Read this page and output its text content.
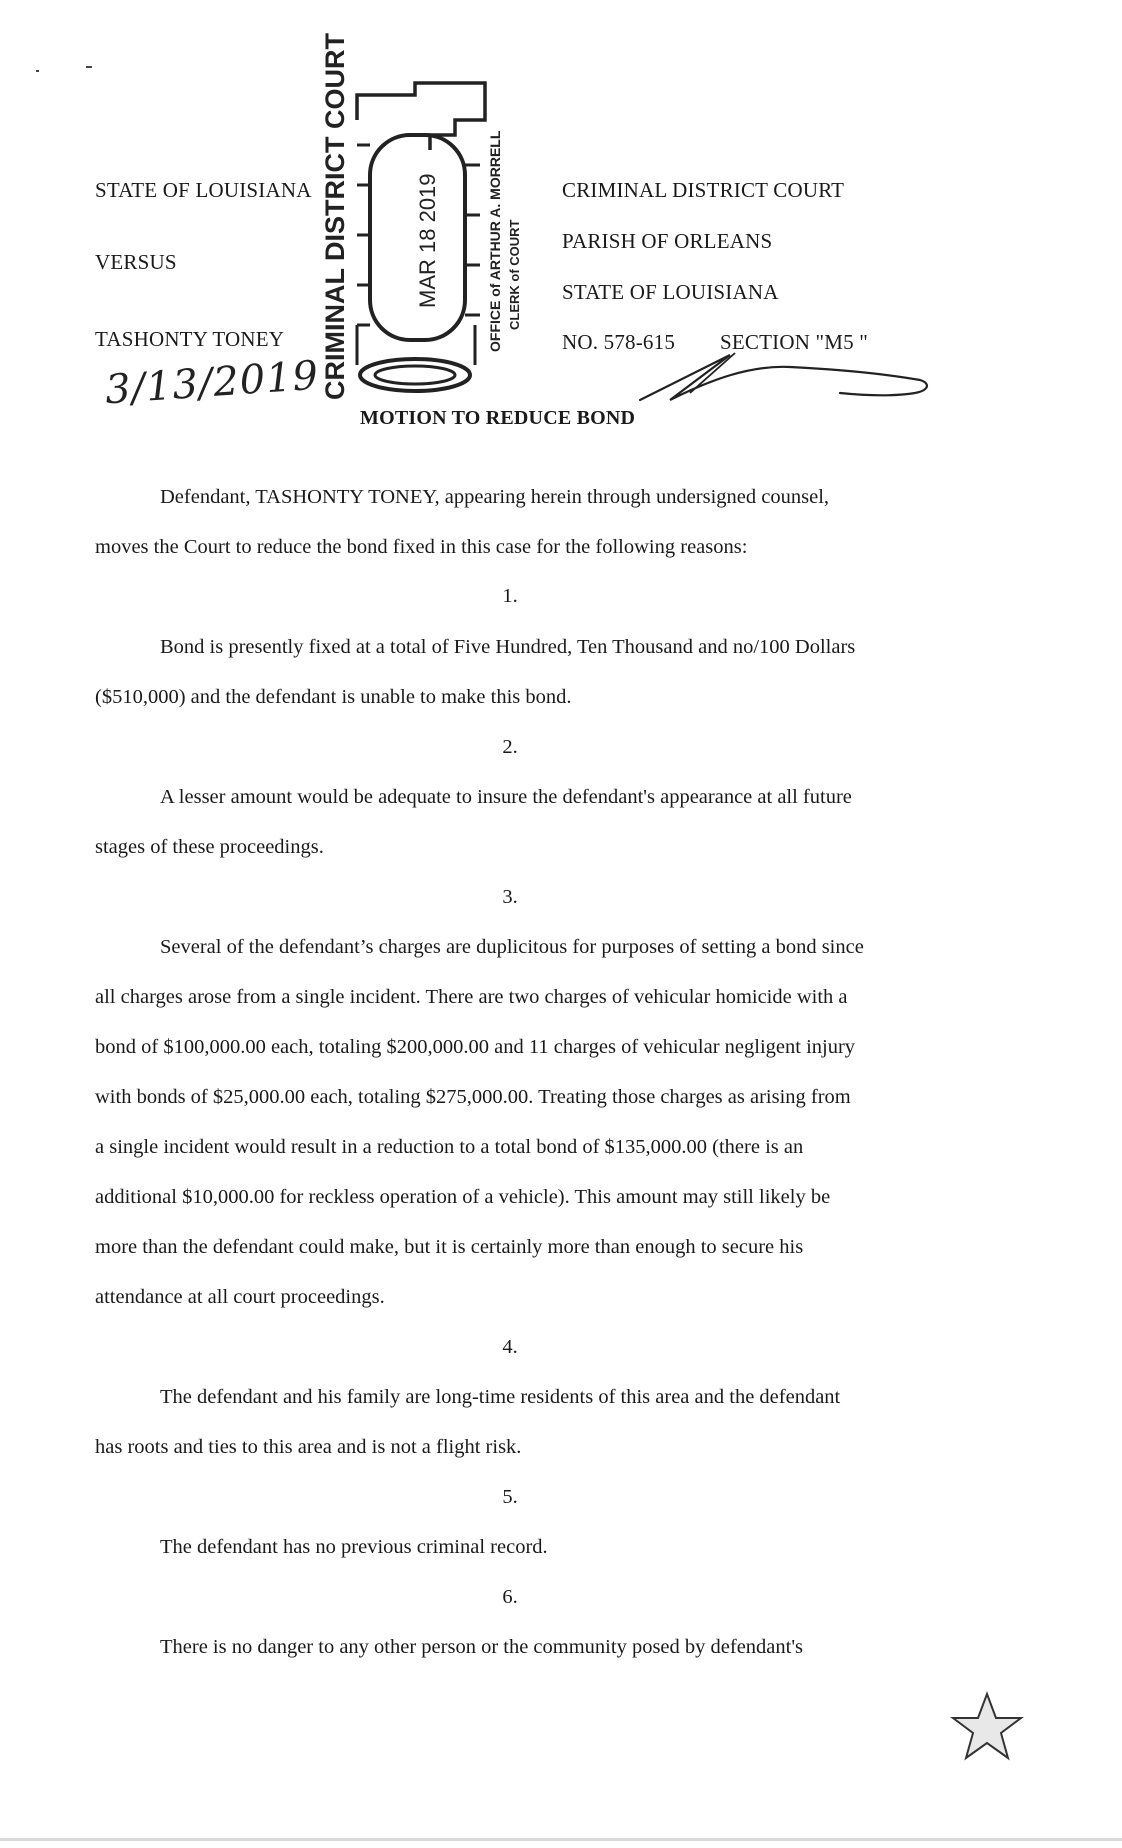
STATE OF LOUISIANA
VERSUS
TASHONTY TONEY
3/13/2019
CRIMINAL DISTRICT COURT
PARISH OF ORLEANS
STATE OF LOUISIANA
NO. 578-615 SECTION "M5 "
CRIMINAL DISTRICT COURT	MAR 18 2019	OFFICE of ARTHUR A. MORRELL CLERK of COURT
MOTION TO REDUCE BOND
Defendant, TASHONTY TONEY, appearing herein through undersigned counsel,
moves the Court to reduce the bond fixed in this case for the following reasons:
1.
Bond is presently fixed at a total of Five Hundred, Ten Thousand and no/100 Dollars
($510,000) and the defendant is unable to make this bond.
2.
A lesser amount would be adequate to insure the defendant's appearance at all future
stages of these proceedings.
3.
Several of the defendant’s charges are duplicitous for purposes of setting a bond since
all charges arose from a single incident. There are two charges of vehicular homicide with a
bond of $100,000.00 each, totaling $200,000.00 and 11 charges of vehicular negligent injury
with bonds of $25,000.00 each, totaling $275,000.00. Treating those charges as arising from
a single incident would result in a reduction to a total bond of $135,000.00 (there is an
additional $10,000.00 for reckless operation of a vehicle). This amount may still likely be
more than the defendant could make, but it is certainly more than enough to secure his
attendance at all court proceedings.
4.
The defendant and his family are long-time residents of this area and the defendant
has roots and ties to this area and is not a flight risk.
5.
The defendant has no previous criminal record.
6.
There is no danger to any other person or the community posed by defendant's
